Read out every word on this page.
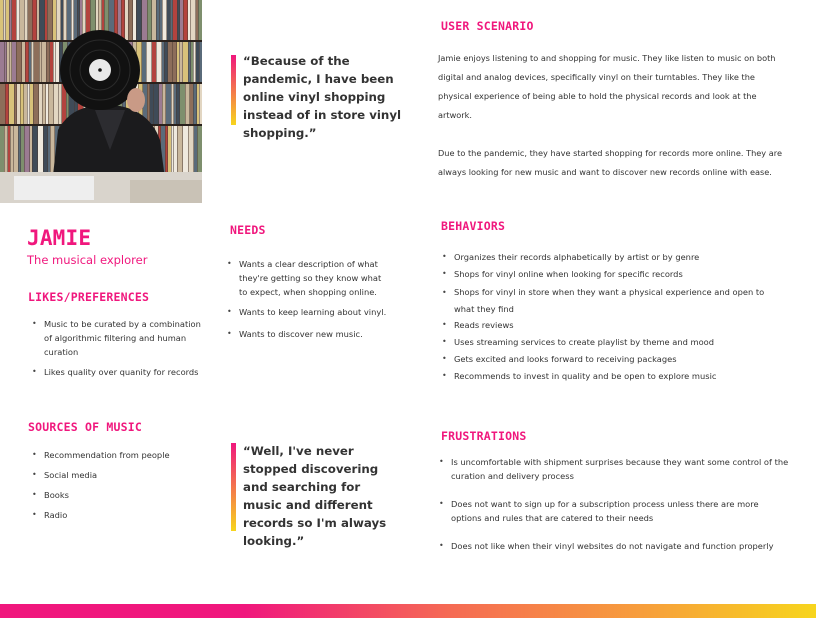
“Because of the pandemic, I have been online vinyl shopping instead of in store vinyl shopping.”
USER SCENARIO
Jamie enjoys listening to and shopping for music. They like listen to music on both digital and analog devices, specifically vinyl on their turntables. They like the physical experience of being able to hold the physical records and look at the artwork.
Due to the pandemic, they have started shopping for records more online. They are always looking for new music and want to discover new records online with ease.
JAMIE
The musical explorer
LIKES/PREFERENCES
• Music to be curated by a combination of algorithmic filtering and human curation
• Likes quality over quanity for records
NEEDS
• Wants a clear description of what they're getting so they know what to expect, when shopping online.
• Wants to keep learning about vinyl.
• Wants to discover new music.
BEHAVIORS
• Organizes their records alphabetically by artist or by genre
• Shops for vinyl online when looking for specific records
• Shops for vinyl in store when they want a physical experience and open to what they find
• Reads reviews
• Uses streaming services to create playlist by theme and mood
• Gets excited and looks forward to receiving packages
• Recommends to invest in quality and be open to explore music
SOURCES OF MUSIC
• Recommendation from people
• Social media
• Books
• Radio
“Well, I've never stopped discovering and searching for music and different records so I'm always looking.”
FRUSTRATIONS
• Is uncomfortable with shipment surprises because they want some control of the curation and delivery process
• Does not want to sign up for a subscription process unless there are more options and rules that are catered to their needs
• Does not like when their vinyl websites do not navigate and function properly
